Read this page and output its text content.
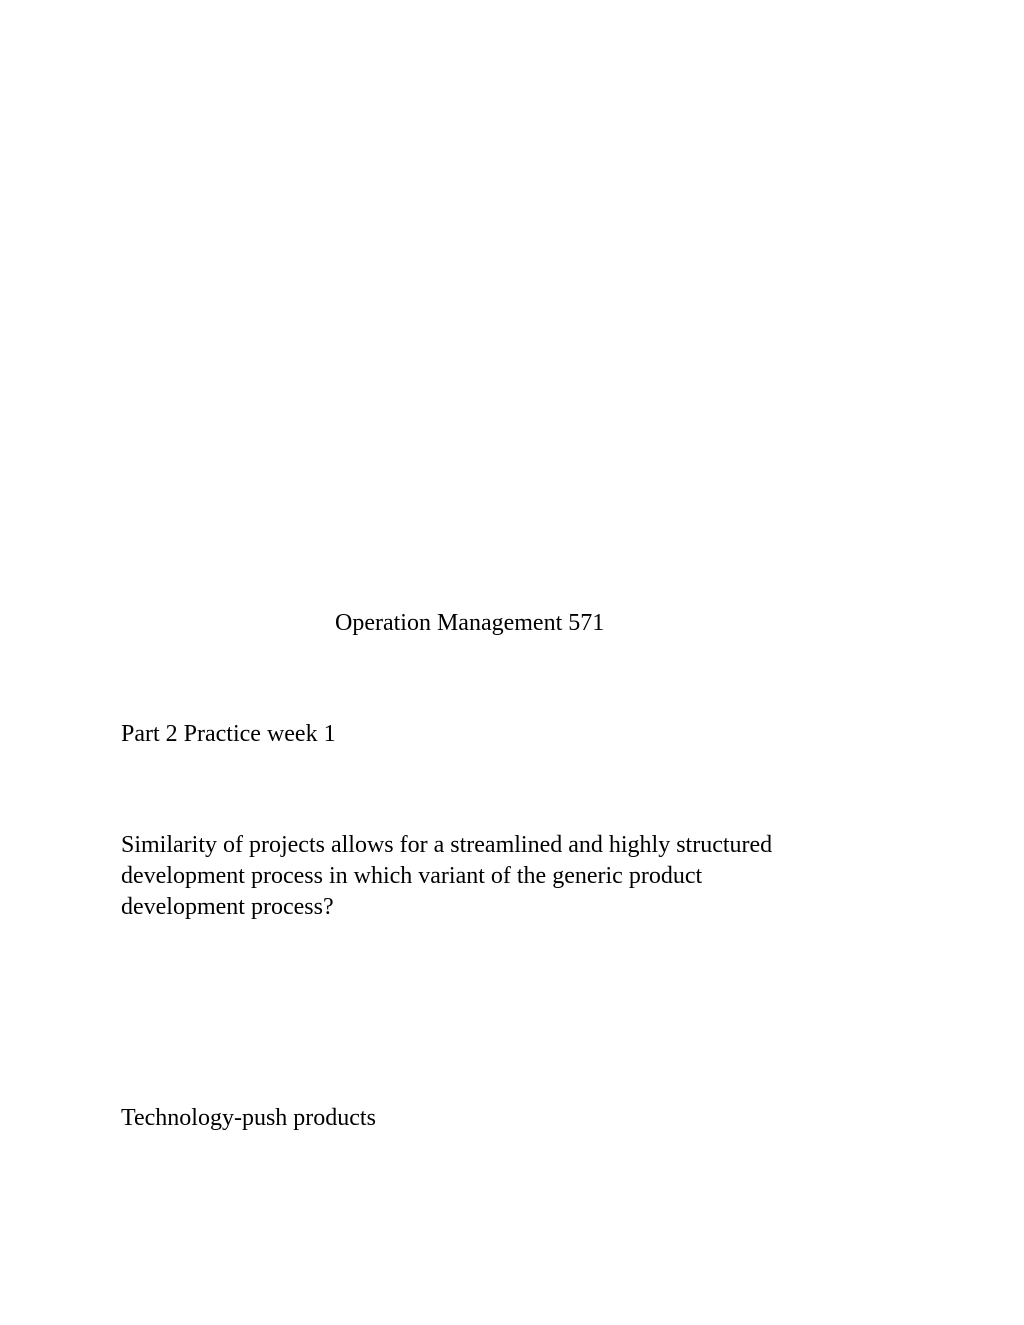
Operation Management 571

Part 2 Practice week 1

Similarity of projects allows for a streamlined and highly structured
development process in which variant of the generic product
development process?

Technology-push products
